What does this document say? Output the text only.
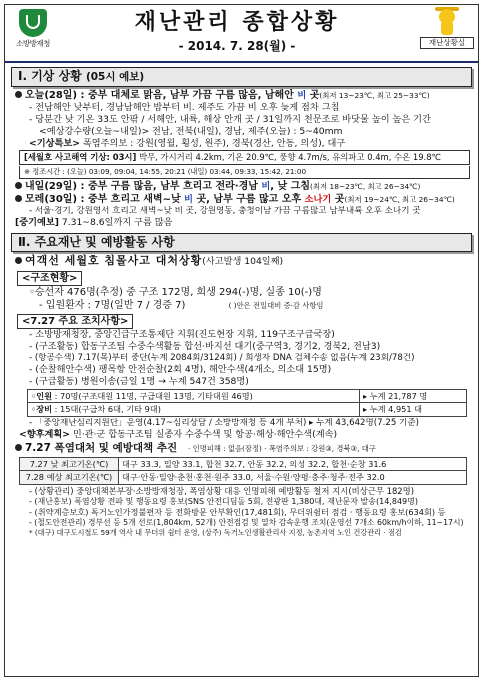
소방방재청
재난관리 종합상황
- 2014. 7. 28(월) -	재난상황실
Ⅰ. 기상 상황 (05시 예보)
오늘(28일) : 중부 대체로 맑음, 남부 가끔 구름 많음, 남해안 비 곳(최저 13~23℃, 최고 25~33℃)
- 전남해안 낮부터, 경남남해안 밤부터 비. 제주도 가끔 비 오후 늦게 점차 그침
- 당분간 낮 기온 33도 안팎 / 서해안, 내륙, 해상 안개 곳 / 31일까지 천문조로 바닷물 높이 높은 기간
<예상강수량(오늘~내일)> 전남, 전북(내일), 경남, 제주(오늘) : 5~40mm
<기상특보> 폭염주의보 : 강원(영월, 횡성, 원주), 경북(경산, 안동, 의성), 대구
[세월호 사고해역 기상: 03시] 박무, 가시거리 4.2km, 기온 20.9℃, 풍향 4.7m/s, 유의파고 0.4m, 수온 19.8℃
※ 정조시간 : (오늘) 03:09, 09:04, 14:55, 20:21 (내일) 03:44, 09:33, 15:42, 21:00
내일(29일) : 중부 구름 많음, 남부 흐리고 전라·경남 비, 낮 그침(최저 18~23℃, 최고 26~34℃)
모레(30일) : 중부 흐리고 새벽~낮 비 곳, 남부 구름 많고 오후 소나기 곳(최저 19~24℃, 최고 26~34℃)
- 서울·경기, 강원영서 흐리고 새벽~낮 비 곳, 강원영동, 충청이남 가끔 구름많고 남부내륙 오후 소나기 곳
[중기예보] 7.31~8.6일까지 구름 많음
Ⅱ. 주요재난 및 예방활동 사항
여객선 세월호 침몰사고 대처상황(사고발생 104일째)
<구조현황>
◦승선자 476명(추정) 중 구조 172명, 희생 294(-)명, 실종 10(-)명
- 입원환자 : 7명(일반 7 / 경증 7)	( )안은 전일대비 증·감 사항임
<7.27 주요 조치사항>
- 소방방재청장, 중앙긴급구조통제단 지휘(진도현장 지휘, 119구조구급국장)
- (구조활동) 합동구조팀 수중수색활동 합선·바지선 대기(중구역3, 경기2, 경북2, 전남3)
- (항공수색) 7.17(목)부터 중단(누계 2084회/3124회) / 희생자 DNA 검체수송 없음(누계 23회/78건)
- (순찰해안수색) 팽목항 안전순찰(2회 4명), 해안수색(4개소, 의소대 15명)
- (구급활동) 병원이송(금일 1명 → 누계 547건 358명)
◦인원 : 70명(구조대원 11명, 구급대원 13명, 기타대원 46명)	▸ 누계 21,787 명
◦장비 : 15대(구급차 6대, 기타 9대)	▸ 누계 4,951 대
- 「중앙재난심리지원단」운영(4.17~심리상담 / 소방방재청 등 4개 부처) ▸ 누계 43,642명(7.25 기준)
<향후계획> 민·관·군 합동구조팀 실종자 수중수색 및 항공·해상·해안수색(계속)
7.27 폭염대처 및 예방대책 추진 · 인명피해 : 없음(잠정) · 폭염주의보 : 강원③, 경북③, 대구
7.27 낮 최고기온(℃)	대구 33.3, 밀양 33.1, 합천 32.7, 안동 32.2, 의성 32.2, 합천·순창 31.6
7.28 예상 최고기온(℃)	대구·안동·밀양·춘천·홍천·원주 33.0, 서울·수원·양평·충주·청주·전주 32.0
- (상황관리) 중앙대책본부장·소방방재청장, 폭염상황 대응 인명피해 예방활동 철저 지시(비상근무 182명)
- (재난홍보) 폭염상황 전파 및 행동요령 홍보(SNS 안전디딤돌 5회, 전광판 1,380대, 재난문자 발송(14,849명)
- (취약계층보호) 독거노인가정불편자 등 전화방문 안부확인(17,481회), 무더위쉼터 점검 · 행동요령 홍보(634회) 등
- (철도안전관리) 경부선 등 5개 선로(1,804km, 52개) 안전점검 및 열차 감속운행 조치(운영선 7개소 60km/h이하, 11~17시)
* (대구) 대구도시철도 59개 역사 내 무더위 쉼터 운영, (상주) 독거노인생활관리사 지정, 농촌지역 노인 건강관리 · 점검
